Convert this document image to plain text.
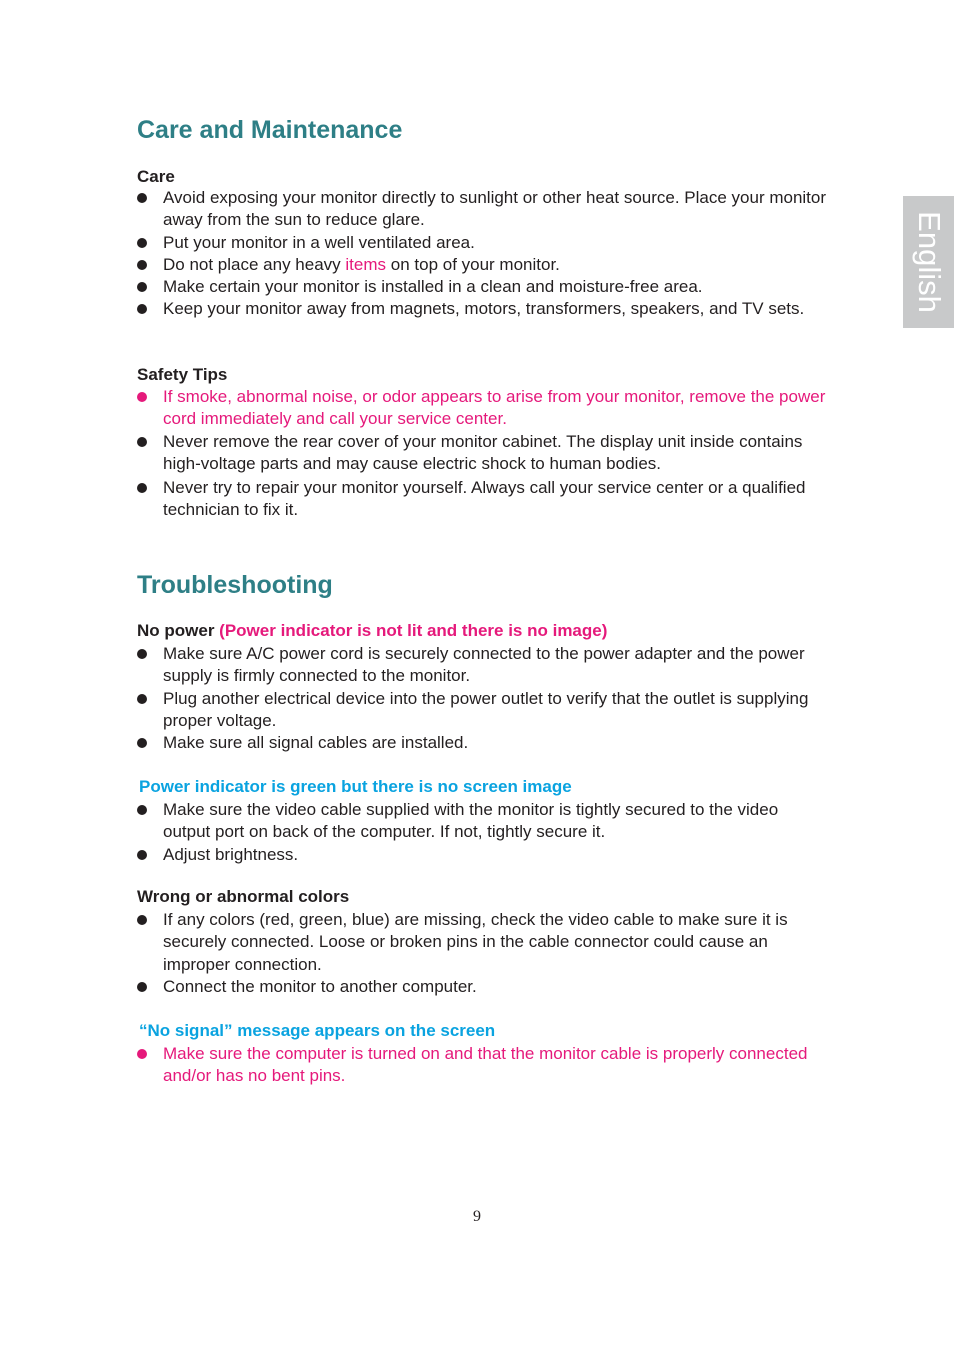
English
Care and Maintenance
Care
Avoid exposing your monitor directly to sunlight or other heat source. Place your monitor away from the sun to reduce glare.
Put your monitor in a well ventilated area.
Do not place any heavy items on top of your monitor.
Make certain your monitor is installed in a clean and moisture-free area.
Keep your monitor away from magnets, motors, transformers, speakers, and TV sets.
Safety Tips
If smoke, abnormal noise, or odor appears to arise from your monitor, remove the power cord immediately and call your service center.
Never remove the rear cover of your monitor cabinet. The display unit inside contains high-voltage parts and may cause electric shock to human bodies.
Never try to repair your monitor yourself. Always call your service center or a qualified technician to fix it.
Troubleshooting
No power (Power indicator is not lit and there is no image)
Make sure A/C power cord is securely connected to the power adapter and the power supply is firmly connected to the monitor.
Plug another electrical device into the power outlet to verify that the outlet is supplying proper voltage.
Make sure all signal cables are installed.
Power indicator is green but there is no screen image
Make sure the video cable supplied with the monitor is tightly secured to the video output port on back of the computer. If not, tightly secure it.
Adjust brightness.
Wrong or abnormal colors
If any colors (red, green, blue) are missing, check the video cable to make sure it is securely connected. Loose or broken pins in the cable connector could cause an improper connection.
Connect the monitor to another computer.
“No signal” message appears on the screen
Make sure the computer is turned on and that the monitor cable is properly connected and/or has no bent pins.
9
